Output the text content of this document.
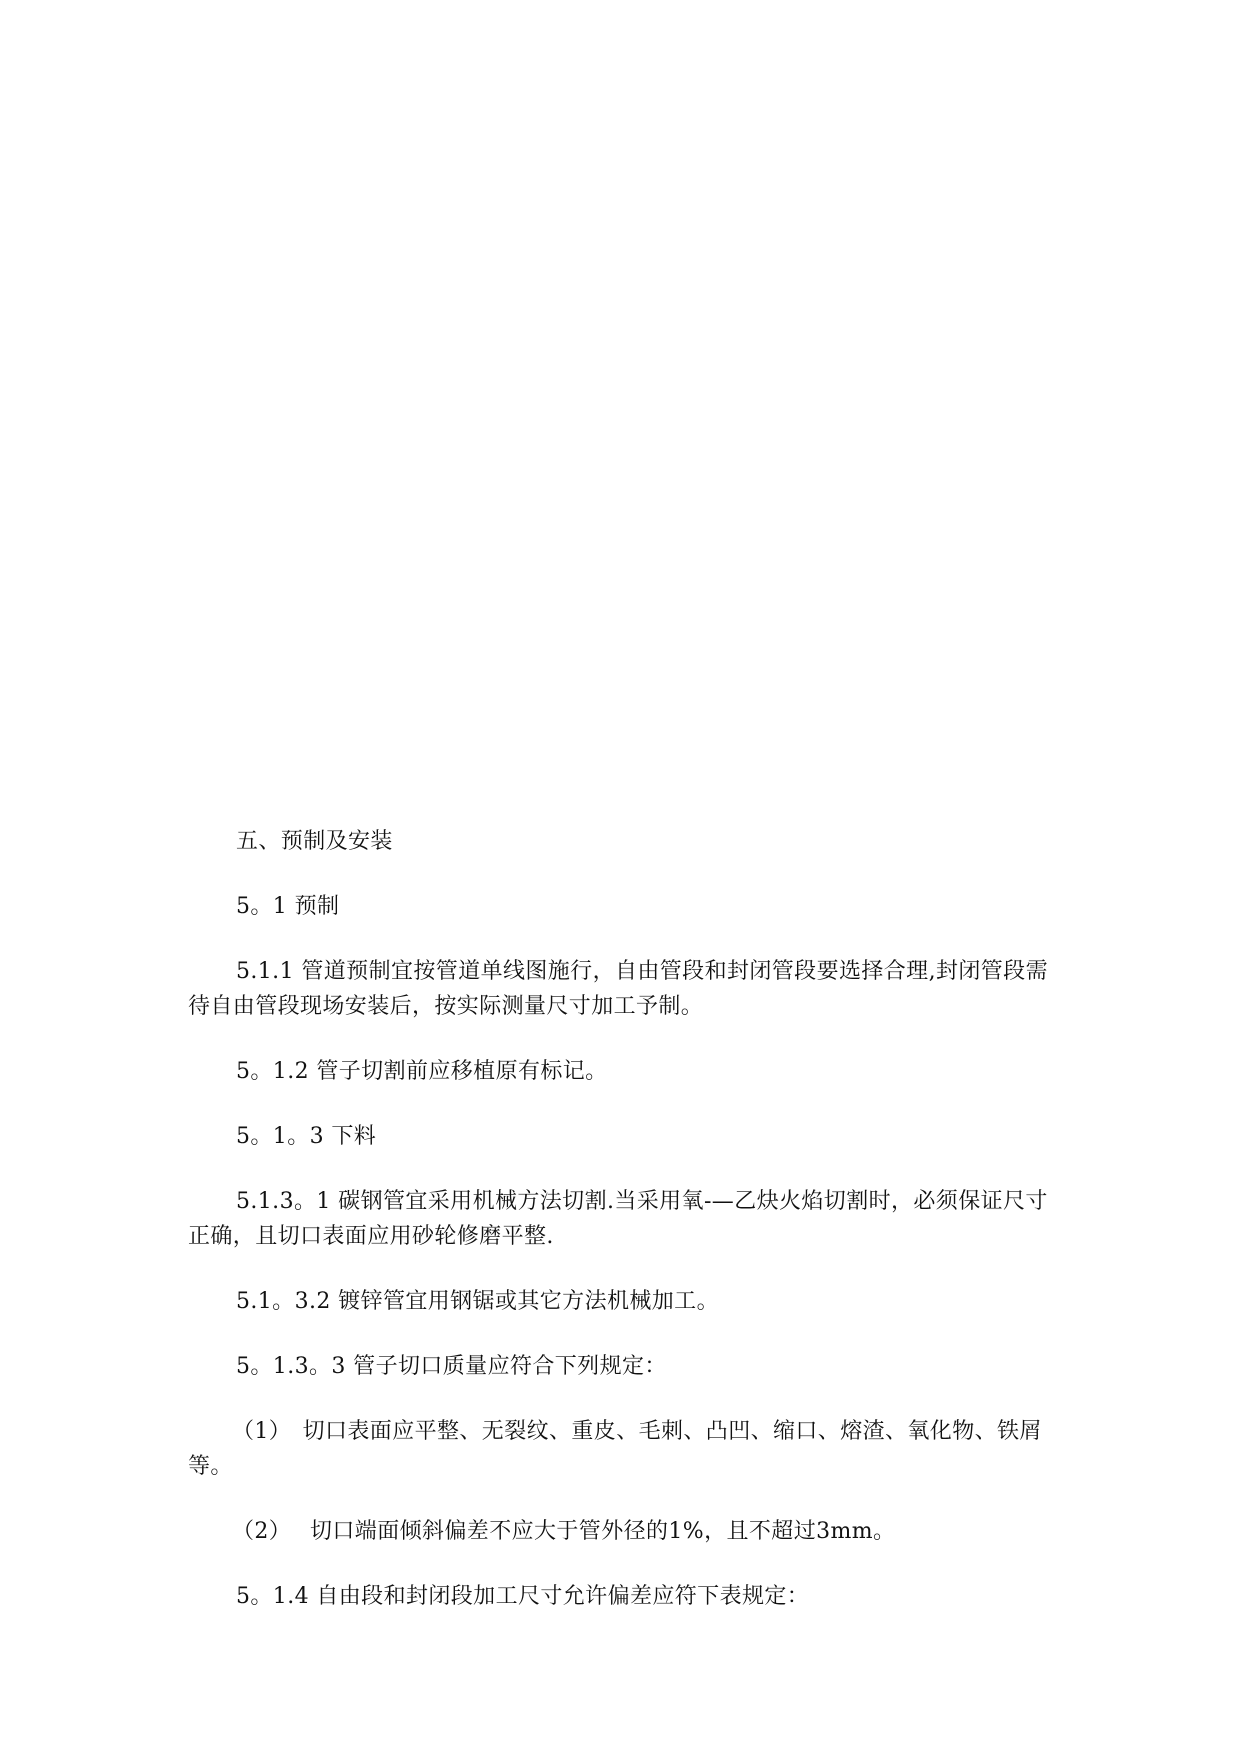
五、预制及安装

5。1 预制

5.1.1 管道预制宜按管道单线图施行，自由管段和封闭管段要选择合理,封闭管段需待自由管段现场安装后，按实际测量尺寸加工予制。

5。1.2 管子切割前应移植原有标记。

5。1。3 下料

5.1.3。1 碳钢管宜采用机械方法切割.当采用氧-—乙炔火焰切割时，必须保证尺寸正确，且切口表面应用砂轮修磨平整.

5.1。3.2 镀锌管宜用钢锯或其它方法机械加工。

5。1.3。3 管子切口质量应符合下列规定：

（1）　切口表面应平整、无裂纹、重皮、毛刺、凸凹、缩口、熔渣、氧化物、铁屑等。

（2）　 切口端面倾斜偏差不应大于管外径的1%，且不超过3mm。

5。1.4 自由段和封闭段加工尺寸允许偏差应符下表规定：
